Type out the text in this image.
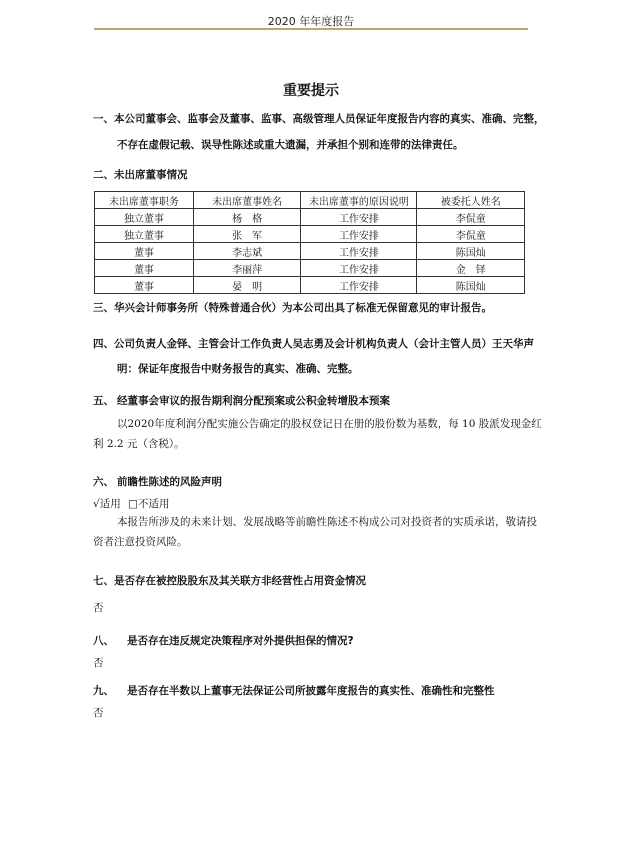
2020 年年度报告
重要提示
一、本公司董事会、监事会及董事、监事、高级管理人员保证年度报告内容的真实、准确、完整，
不存在虚假记载、误导性陈述或重大遗漏，并承担个别和连带的法律责任。
二、未出席董事情况
未出席董事职务	未出席董事姓名	未出席董事的原因说明	被委托人姓名
独立董事	杨　格	工作安排	李侃童
独立董事	张　军	工作安排	李侃童
董事	李志斌	工作安排	陈国灿
董事	李丽萍	工作安排	金　铎
董事	晏　明	工作安排	陈国灿
三、华兴会计师事务所（特殊普通合伙）为本公司出具了标准无保留意见的审计报告。
四、公司负责人金铎、主管会计工作负责人吴志勇及会计机构负责人（会计主管人员）王天华声
明：保证年度报告中财务报告的真实、准确、完整。
五、 经董事会审议的报告期利润分配预案或公积金转增股本预案
以2020年度利润分配实施公告确定的股权登记日在册的股份数为基数，每 10 股派发现金红
利 2.2 元（含税）。
六、 前瞻性陈述的风险声明
√适用 □不适用
本报告所涉及的未来计划、发展战略等前瞻性陈述不构成公司对投资者的实质承诺，敬请投
资者注意投资风险。
七、是否存在被控股股东及其关联方非经营性占用资金情况
否
八、 是否存在违反规定决策程序对外提供担保的情况?
否
九、 是否存在半数以上董事无法保证公司所披露年度报告的真实性、准确性和完整性
否
